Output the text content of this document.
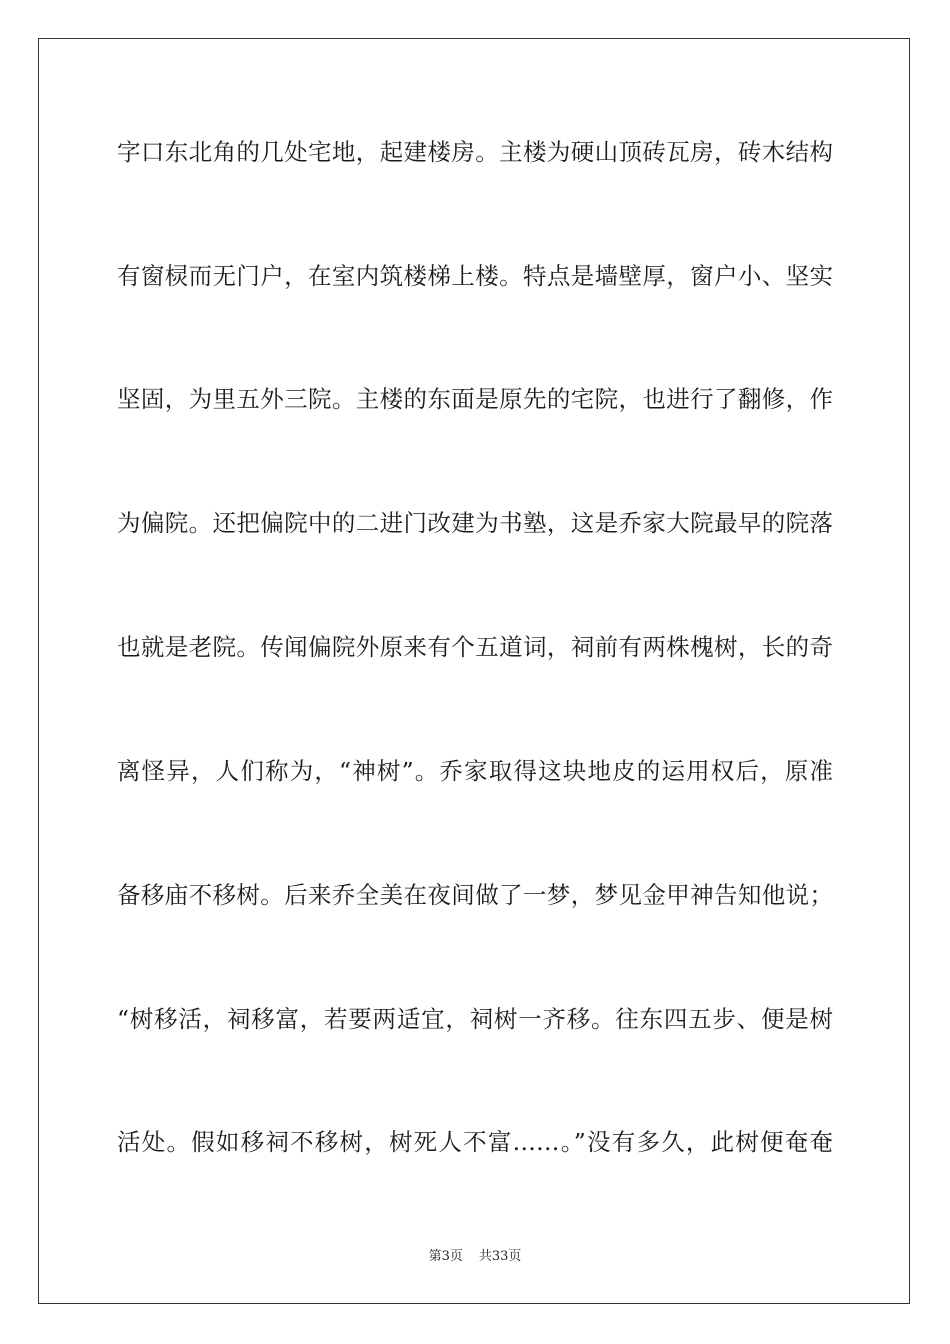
字口东北角的几处宅地，起建楼房。主楼为硬山顶砖瓦房，砖木结构
有窗棂而无门户，在室内筑楼梯上楼。特点是墙壁厚，窗户小、坚实
坚固，为里五外三院。主楼的东面是原先的宅院，也进行了翻修，作
为偏院。还把偏院中的二进门改建为书塾，这是乔家大院最早的院落
也就是老院。传闻偏院外原来有个五道词，祠前有两株槐树，长的奇
离怪异，人们称为，“神树”。乔家取得这块地皮的运用权后，原准
备移庙不移树。后来乔全美在夜间做了一梦，梦见金甲神告知他说；
“树移活，祠移富，若要两适宜，祠树一齐移。往东四五步、便是树
活处。假如移祠不移树，树死人不富……。”没有多久，此树便奄奄
第3页 共33页
